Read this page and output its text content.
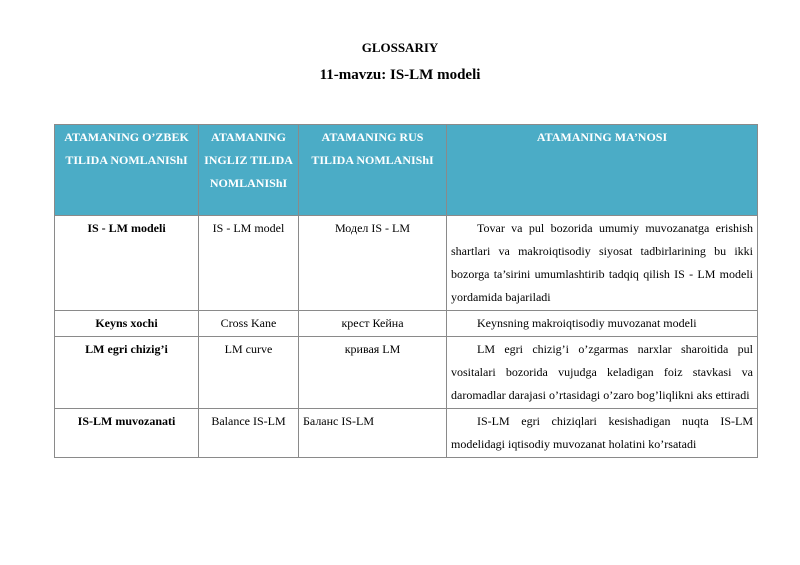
GLOSSARIY
11-mavzu: IS-LM modeli
ATAMANING O’ZBEK TILIDA NOMLANIShI	ATAMANING INGLIZ TILIDA NOMLANIShI	ATAMANING RUS TILIDA NOMLANIShI	ATAMANING MA’NOSI
IS - LM modeli	IS - LM model	Модел IS - LM	Tovar va pul bozorida umumiy muvozanatga erishish shartlari va makroiqtisodiy siyosat tadbirlarining bu ikki bozorga ta’sirini umumlashtirib tadqiq qilish IS - LM modeli yordamida bajariladi
Keyns xochi	Cross Kane	крест Кейна	Keynsning makroiqtisodiy muvozanat modeli
LM egri chizig’i	LM curve	кривая LM	LM egri chizig’i o’zgarmas narxlar sharoitida pul vositalari bozorida vujudga keladigan foiz stavkasi va daromadlar darajasi o’rtasidagi o’zaro bog’liqlikni aks ettiradi
IS-LM muvozanati	Balance IS-LM	Баланс IS-LM	IS-LM egri chiziqlari kesishadigan nuqta IS-LM modelidagi iqtisodiy muvozanat holatini ko’rsatadi
